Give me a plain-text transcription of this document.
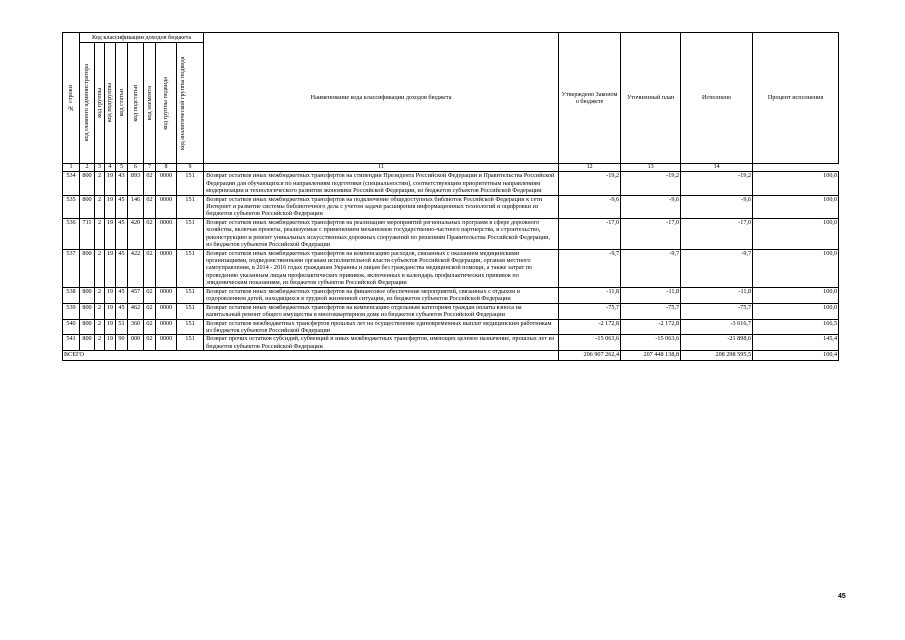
№ строки	Код классификации доходов бюджета								Наименование кода классификации доходов бюджета	Утверждено Законом о бюджете	Уточненный план	Исполнено	Процент исполнения

	код главного администратора	код группы	код подгруппы	код статьи	код подстатьи	код элемента	код группы подвида	код аналитической группы подвида					

1	2	3	4	5	6	7	8	9	11	12	13	14	
534	800	2	19	43	893	02	0000	151	Возврат остатков иных межбюджетных трансфертов на стипендии Президента Российской Федерации и Правительства Российской Федерации для обучающихся по направлениям подготовки (специальностям), соответствующим приоритетным направлениям модернизации и технологического развития экономики Российской Федерации, из бюджетов субъектов Российской Федерации	-19,2	-19,2	-19,2	100,0
535	800	2	19	45	146	02	0000	151	Возврат остатков иных межбюджетных трансфертов на подключение общедоступных библиотек Российской Федерации к сети Интернет и развитие системы библиотечного дела с учетом задачи расширения информационных технологий и оцифровки из бюджетов субъектов Российской Федерации	-9,6	-9,6	-9,6	100,0
536	711	2	19	45	420	02	0000	151	Возврат остатков иных межбюджетных трансфертов на реализацию мероприятий региональных программ в сфере дорожного хозяйства, включая проекты, реализуемые с применением механизмов государственно-частного партнерства, и строительство, реконструкцию и ремонт уникальных искусственных дорожных сооружений по решениям Правительства Российской Федерации, из бюджетов субъектов Российской Федерации	-17,0	-17,0	-17,0	100,0
537	800	2	19	45	422	02	0000	151	Возврат остатков иных межбюджетных трансфертов на компенсацию расходов, связанных с оказанием медицинскими организациями, подведомственными органам исполнительной власти субъектов Российской Федерации, органам местного самоуправления, в 2014 - 2016 годах гражданам Украины и лицам без гражданства медицинской помощи, а также затрат по проведению указанным лицам профилактических прививок, включенных в календарь профилактических прививок по эпидемическим показаниям, из бюджетов субъектов Российской Федерации	-9,7	-9,7	-9,7	100,0
538	800	2	19	45	457	02	0000	151	Возврат остатков иных межбюджетных трансфертов на финансовое обеспечение мероприятий, связанных с отдыхом и оздоровлением детей, находящихся в трудной жизненной ситуации, из бюджетов субъектов Российской Федерации	-11,8	-11,8	-11,8	100,0
539	800	2	19	45	462	02	0000	151	Возврат остатков иных межбюджетных трансфертов на компенсацию отдельным категориям граждан оплаты взноса на капитальный ремонт общего имущества в многоквартирном доме из бюджетов субъектов Российской Федерации	-75,7	-75,7	-75,7	100,0
540	800	2	19	51	360	02	0000	151	Возврат остатков межбюджетных трансфертов прошлых лет на осуществление единовременных выплат медицинским работникам из бюджетов субъектов Российской Федерации	-2 172,8	-2 172,8	-3 616,7	166,5
541	800	2	19	90	000	02	0000	151	Возврат прочих остатков субсидий, субвенций и иных межбюджетных трансфертов, имеющих целевое назначение, прошлых лет из бюджетов субъектов Российской Федерации	-15 063,6	-15 063,6	-21 898,6	145,4
ВСЕГО										206 907 262,4	207 448 138,8	208 298 595,5	100,4
45
